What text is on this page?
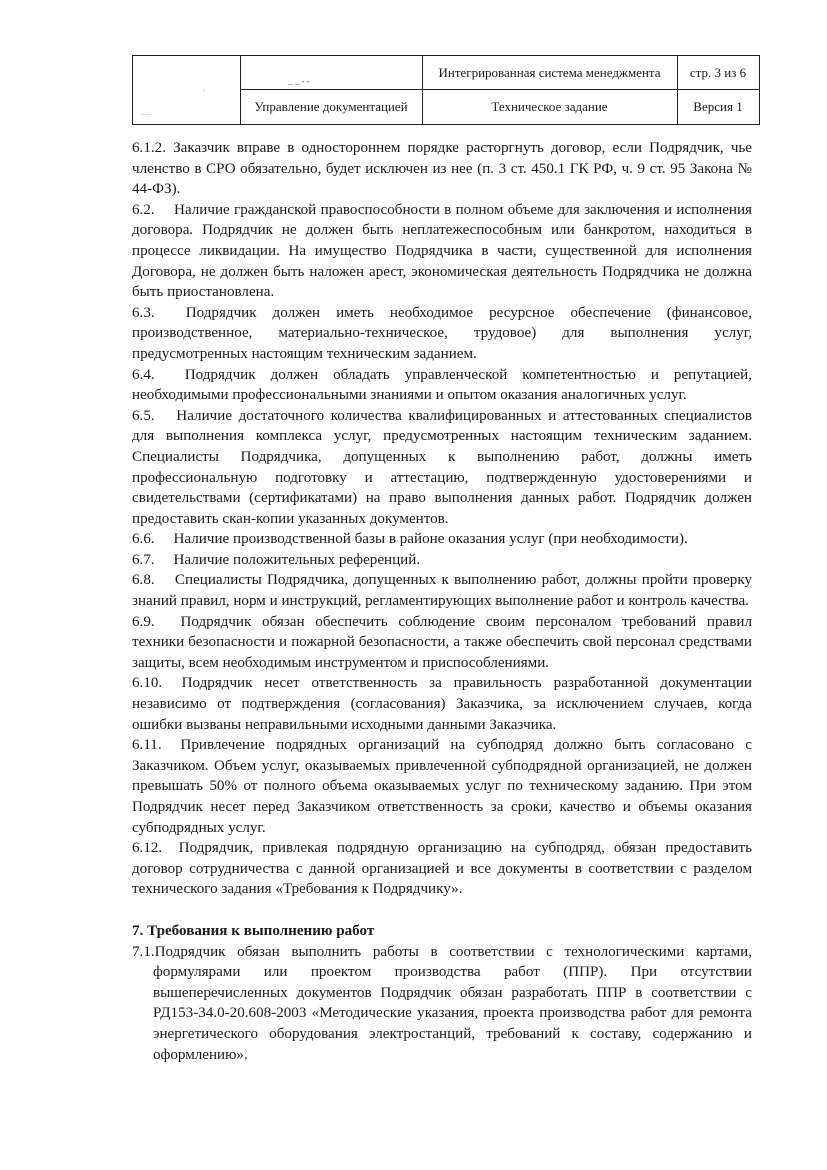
·
......
_ _ - -
Интегрированная система менеджмента	стр. 3 из 6
Управление документацией	Техническое задание	Версия 1

6.1.2. Заказчик вправе в одностороннем порядке расторгнуть договор, если Подрядчик, чье членство в СРО обязательно, будет исключен из нее (п. 3 ст. 450.1 ГК РФ, ч. 9 ст. 95 Закона № 44-ФЗ).

6.2.  Наличие гражданской правоспособности в полном объеме для заключения и исполнения договора. Подрядчик не должен быть неплатежеспособным или банкротом, находиться в процессе ликвидации. На имуществo Подрядчика в части, существенной для исполнения Договора, не должен быть наложен арест, экономическая деятельность Подрядчика не должна быть приостановлена.

6.3.  Подрядчик должен иметь необходимое ресурсное обеспечение (финансовое, производственное, материально-техническое, трудовое) для выполнения услуг, предусмотренных настоящим техническим заданием.

6.4.  Подрядчик должен обладать управленческой компетентностью и репутацией, необходимыми профессиональными знаниями и опытом оказания аналогичных услуг.

6.5.  Наличие достаточного количества квалифицированных и аттестованных специалистов для выполнения комплекса услуг, предусмотренных настоящим техническим заданием. Специалисты Подрядчика, допущенных к выполнению работ, должны иметь профессиональную подготовку и аттестацию, подтвержденную удостоверениями и свидетельствами (сертификатами) на право выполнения данных работ. Подрядчик должен предоставить скан-копии указанных документов.

6.6.  Наличие производственной базы в районе оказания услуг (при необходимости).

6.7.  Наличие положительных референций.

6.8.  Специалисты Подрядчика, допущенных к выполнению работ, должны пройти проверку знаний правил, норм и инструкций, регламентирующих выполнение работ и контроль качества.

6.9.  Подрядчик обязан обеспечить соблюдение своим персоналом требований правил техники безопасности и пожарной безопасности, а также обеспечить свой персонал средствами защиты, всем необходимым инструментом и приспособлениями.

6.10.  Подрядчик несет ответственность за правильность разработанной документации независимо от подтверждения (согласования) Заказчика, за исключением случаев, когда ошибки вызваны неправильными исходными данными Заказчика.

6.11.  Привлечение подрядных организаций на субподряд должно быть согласовано с Заказчиком. Объем услуг, оказываемых привлеченной субподрядной организацией, не должен превышать 50% от полного объема оказываемых услуг по техническому заданию. При этом Подрядчик несет перед Заказчиком ответственность за сроки, качество и объемы оказания субподрядных услуг.

6.12.  Подрядчик, привлекая подрядную организацию на субподряд, обязан предоставить договор сотрудничества с данной организацией и все документы в соответствии с разделом технического задания «Требования к Подрядчику».

7. Требования к выполнению работ

7.1.Подрядчик обязан выполнить работы в соответствии с технологическими картами, формулярами или проектом производства работ (ППР). При отсутствии вышеперечисленных документов Подрядчик обязан разработать ППР в соответствии с РД153-34.0-20.608-2003 «Методические указания, проекта производства работ для ремонта энергетического оборудования электростанций, требований к составу, содержанию и оформлению».
